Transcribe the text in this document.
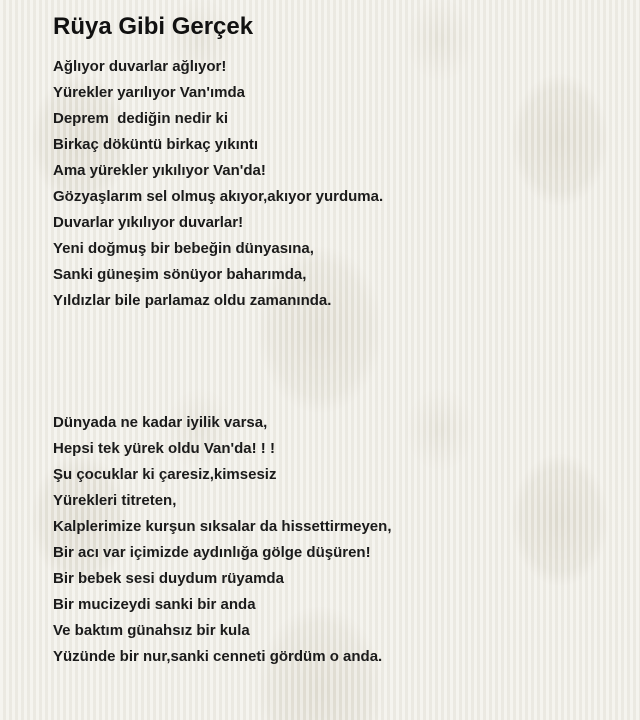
Rüya Gibi Gerçek
Ağlıyor duvarlar ağlıyor!
Yürekler yarılıyor Van'ımda
Deprem  dediğin nedir ki
Birkaç döküntü birkaç yıkıntı
Ama yürekler yıkılıyor Van'da!
Gözyaşlarım sel olmuş akıyor,akıyor yurduma.
Duvarlar yıkılıyor duvarlar!
Yeni doğmuş bir bebeğin dünyasına,
Sanki güneşim sönüyor baharımda,
Yıldızlar bile parlamaz oldu zamanında.
Dünyada ne kadar iyilik varsa,
Hepsi tek yürek oldu Van'da! ! !
Şu çocuklar ki çaresiz,kimsesiz
Yürekleri titreten,
Kalplerimize kurşun sıksalar da hissettirmeyen,
Bir acı var içimizde aydınlığa gölge düşüren!
Bir bebek sesi duydum rüyamda
Bir mucizeydi sanki bir anda
Ve baktım günahsız bir kula
Yüzünde bir nur,sanki cenneti gördüm o anda.
